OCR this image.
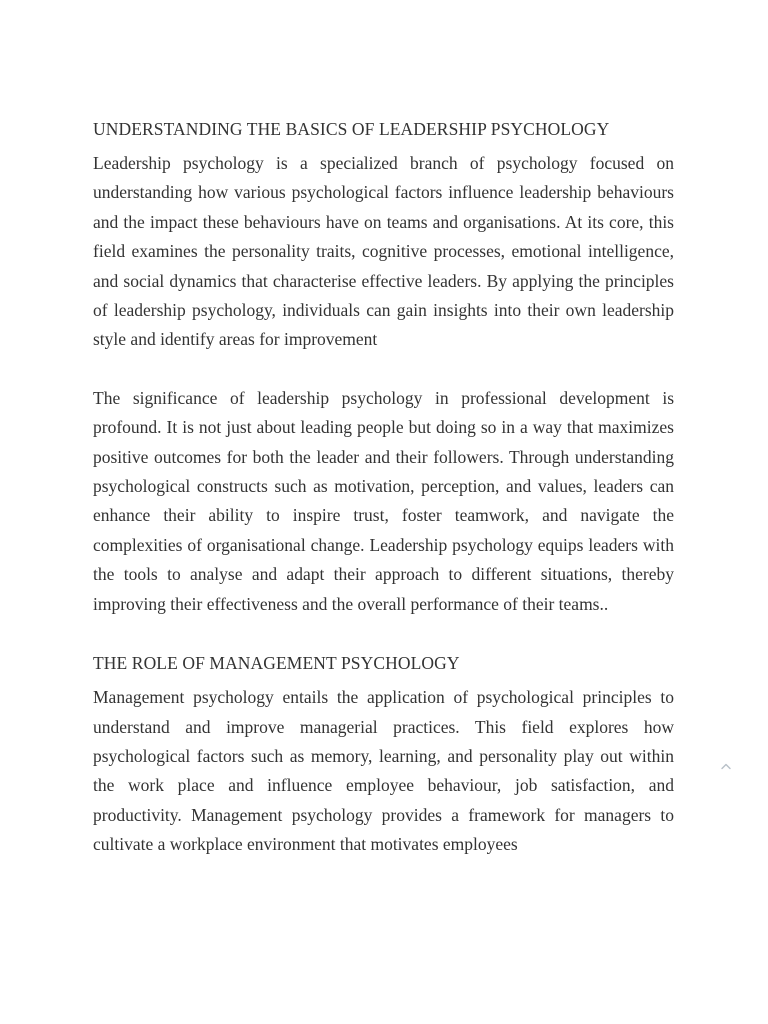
UNDERSTANDING THE BASICS OF LEADERSHIP PSYCHOLOGY

Leadership psychology is a specialized branch of psychology focused on understanding how various psychological factors influence leadership behaviours and the impact these behaviours have on teams and organisations. At its core, this field examines the personality traits, cognitive processes, emotional intelligence, and social dynamics that characterise effective leaders. By applying the principles of leadership psychology, individuals can gain insights into their own leadership style and identify areas for improvement

The significance of leadership psychology in professional development is profound. It is not just about leading people but doing so in a way that maximizes positive outcomes for both the leader and their followers. Through understanding psychological constructs such as motivation, perception, and values, leaders can enhance their ability to inspire trust, foster teamwork, and navigate the complexities of organisational change. Leadership psychology equips leaders with the tools to analyse and adapt their approach to different situations, thereby improving their effectiveness and the overall performance of their teams..

THE ROLE OF MANAGEMENT PSYCHOLOGY

Management psychology entails the application of psychological principles to understand and improve managerial practices. This field explores how psychological factors such as memory, learning, and personality play out within the work place and influence employee behaviour, job satisfaction, and productivity. Management psychology provides a framework for managers to cultivate a workplace environment that motivates employees
